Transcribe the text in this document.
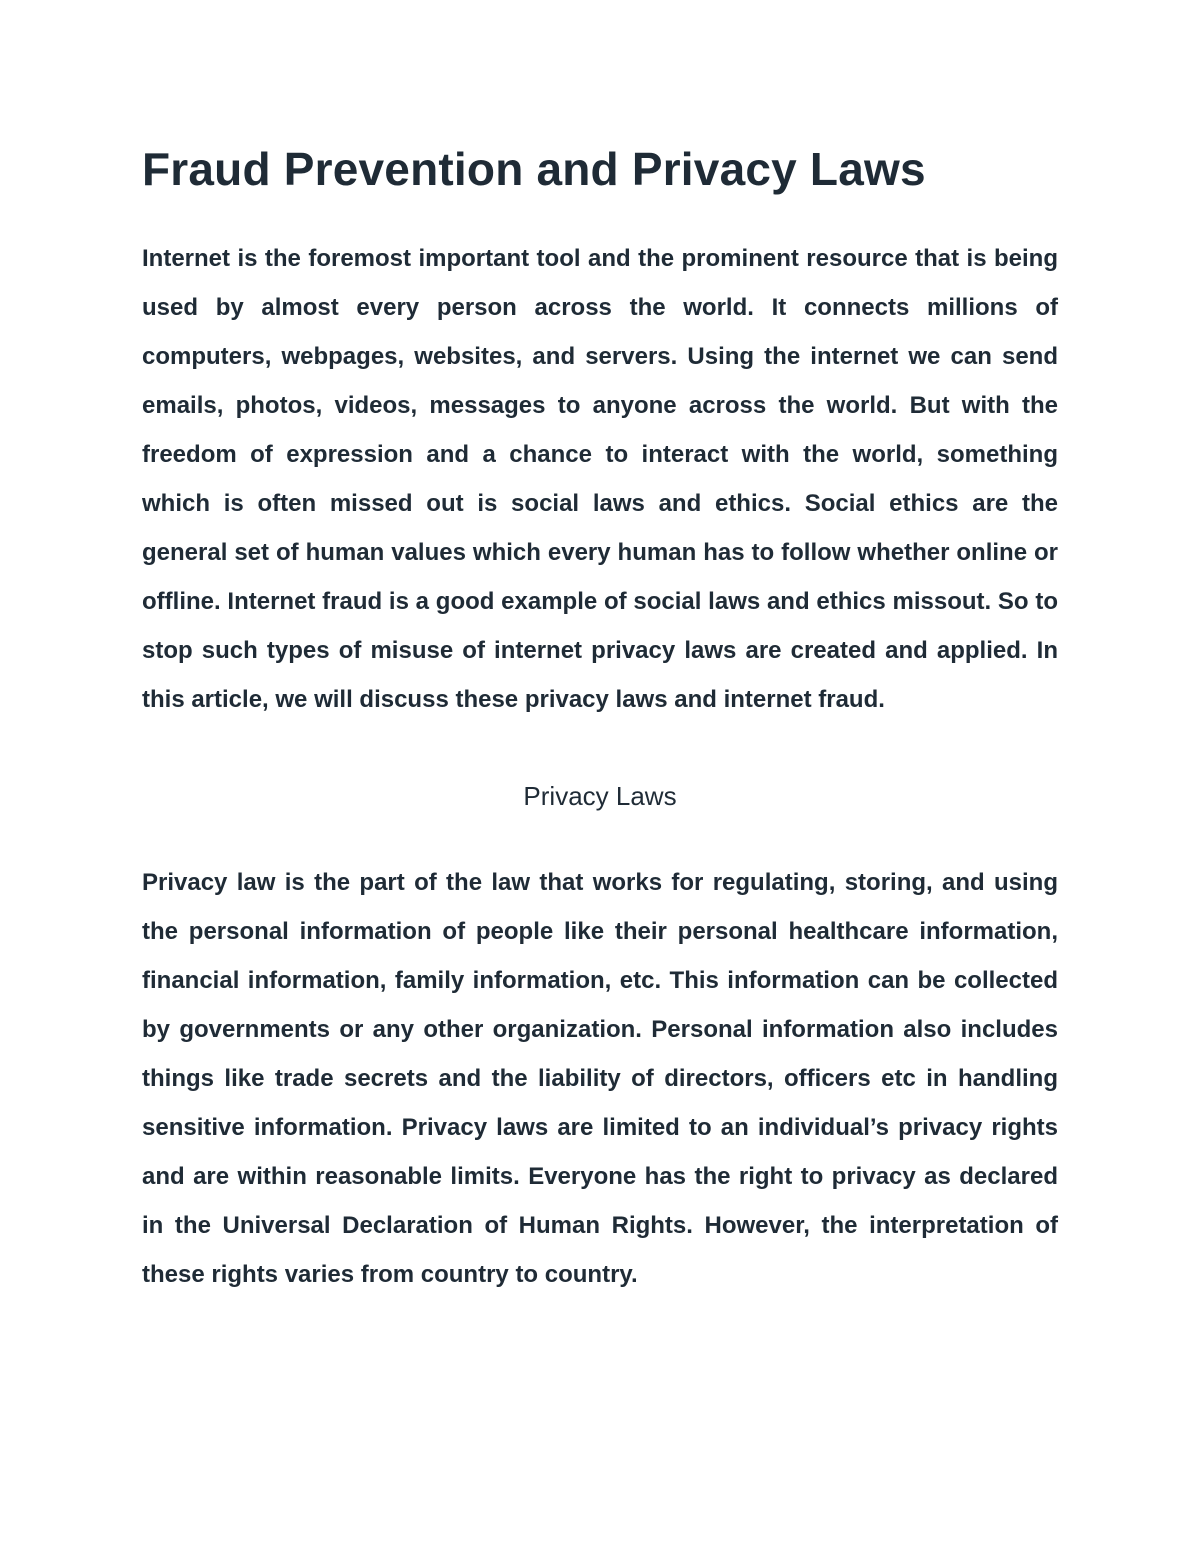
Fraud Prevention and Privacy Laws

Internet is the foremost important tool and the prominent resource that is being used by almost every person across the world. It connects millions of computers, webpages, websites, and servers. Using the internet we can send emails, photos, videos, messages to anyone across the world. But with the freedom of expression and a chance to interact with the world, something which is often missed out is social laws and ethics. Social ethics are the general set of human values which every human has to follow whether online or offline. Internet fraud is a good example of social laws and ethics missout. So to stop such types of misuse of internet privacy laws are created and applied. In this article, we will discuss these privacy laws and internet fraud.

Privacy Laws

Privacy law is the part of the law that works for regulating, storing, and using the personal information of people like their personal healthcare information, financial information, family information, etc. This information can be collected by governments or any other organization. Personal information also includes things like trade secrets and the liability of directors, officers etc in handling sensitive information. Privacy laws are limited to an individual’s privacy rights and are within reasonable limits. Everyone has the right to privacy as declared in the Universal Declaration of Human Rights. However, the interpretation of these rights varies from country to country.
